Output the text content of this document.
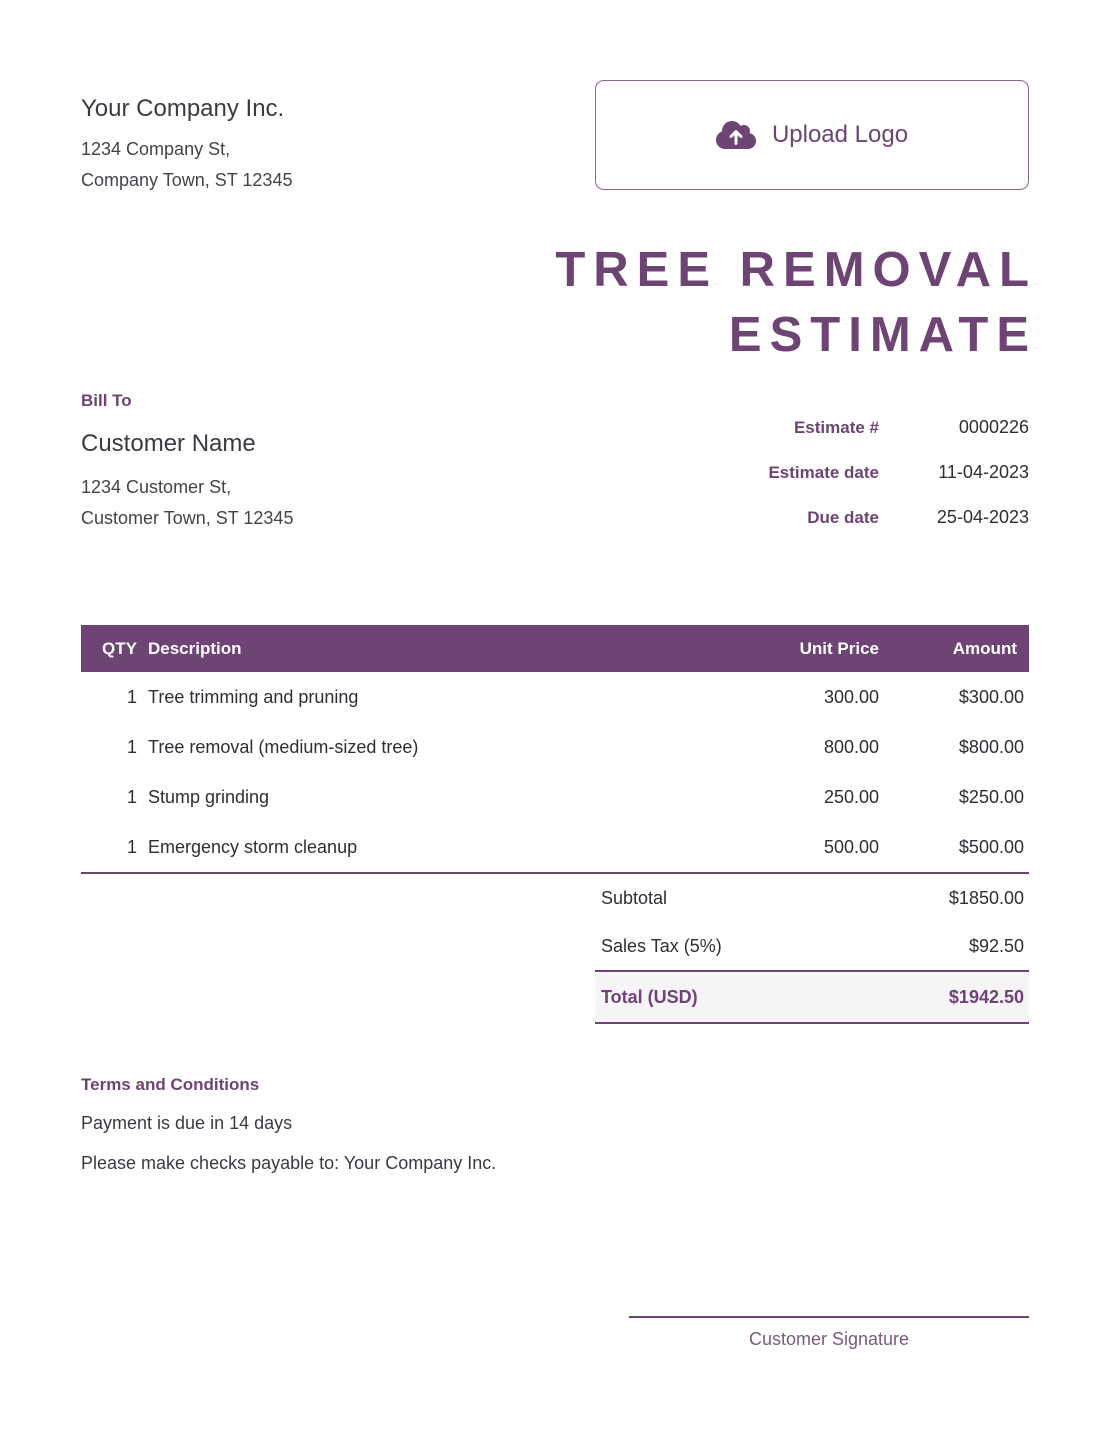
Your Company Inc.
1234 Company St,
Company Town, ST 12345
Upload Logo
TREE REMOVAL
ESTIMATE
Bill To
Customer Name
1234 Customer St,
Customer Town, ST 12345
Estimate #	0000226
Estimate date	11-04-2023
Due date	25-04-2023
QTY Description	Unit Price	Amount
1 Tree trimming and pruning	300.00	$300.00
1 Tree removal (medium-sized tree)	800.00	$800.00
1 Stump grinding	250.00	$250.00
1 Emergency storm cleanup	500.00	$500.00
Subtotal	$1850.00
Sales Tax (5%)	$92.50
Total (USD)	$1942.50
Terms and Conditions
Payment is due in 14 days
Please make checks payable to: Your Company Inc.
Customer Signature
